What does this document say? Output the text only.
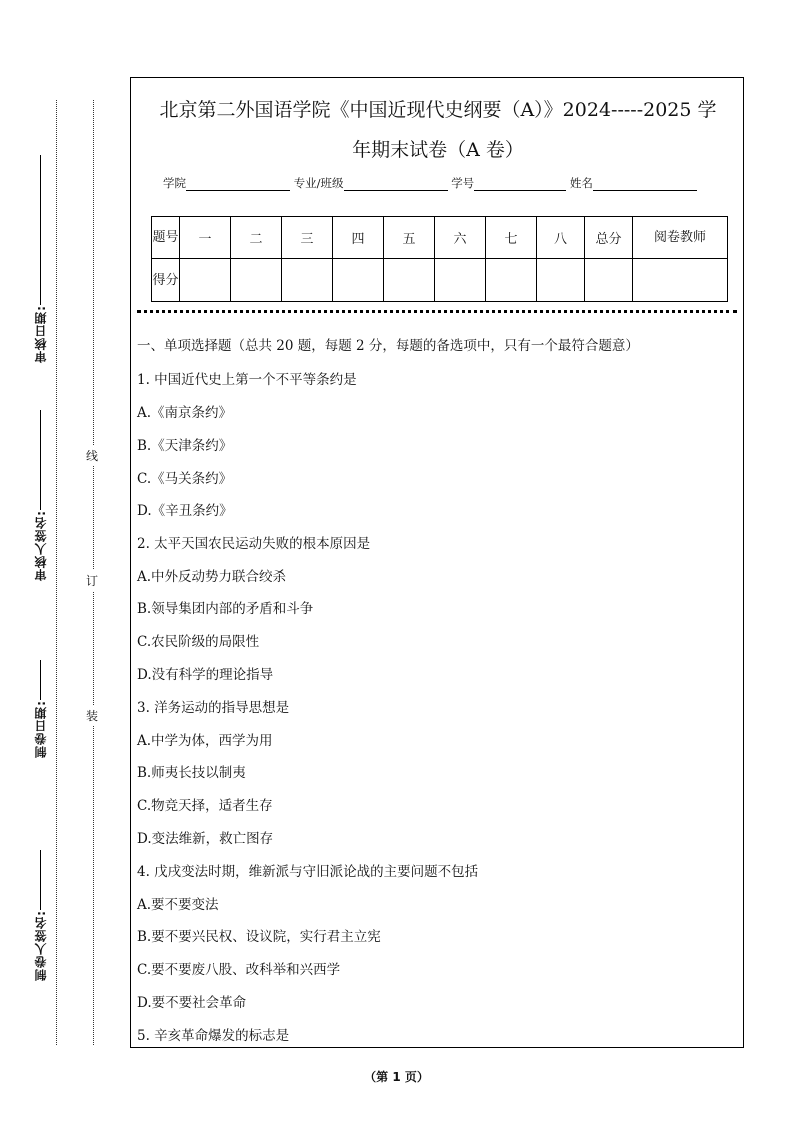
审核日期:
审核人签名:
制卷日期:
制卷人签名:
线
订
装
北京第二外国语学院《中国近现代史纲要（A）》2024-----2025 学
年期末试卷（A 卷）
学院	专业/班级	学号	姓名
题号	一	二	三	四	五	六	七	八	总分	阅卷教师
得分										
一、单项选择题（总共 20 题，每题 2 分，每题的备选项中，只有一个最符合题意）
1. 中国近代史上第一个不平等条约是
A.《南京条约》
B.《天津条约》
C.《马关条约》
D.《辛丑条约》
2. 太平天国农民运动失败的根本原因是
A.中外反动势力联合绞杀
B.领导集团内部的矛盾和斗争
C.农民阶级的局限性
D.没有科学的理论指导
3. 洋务运动的指导思想是
A.中学为体，西学为用
B.师夷长技以制夷
C.物竞天择，适者生存
D.变法维新，救亡图存
4. 戊戌变法时期，维新派与守旧派论战的主要问题不包括
A.要不要变法
B.要不要兴民权、设议院，实行君主立宪
C.要不要废八股、改科举和兴西学
D.要不要社会革命
5. 辛亥革命爆发的标志是
（第 1 页）
